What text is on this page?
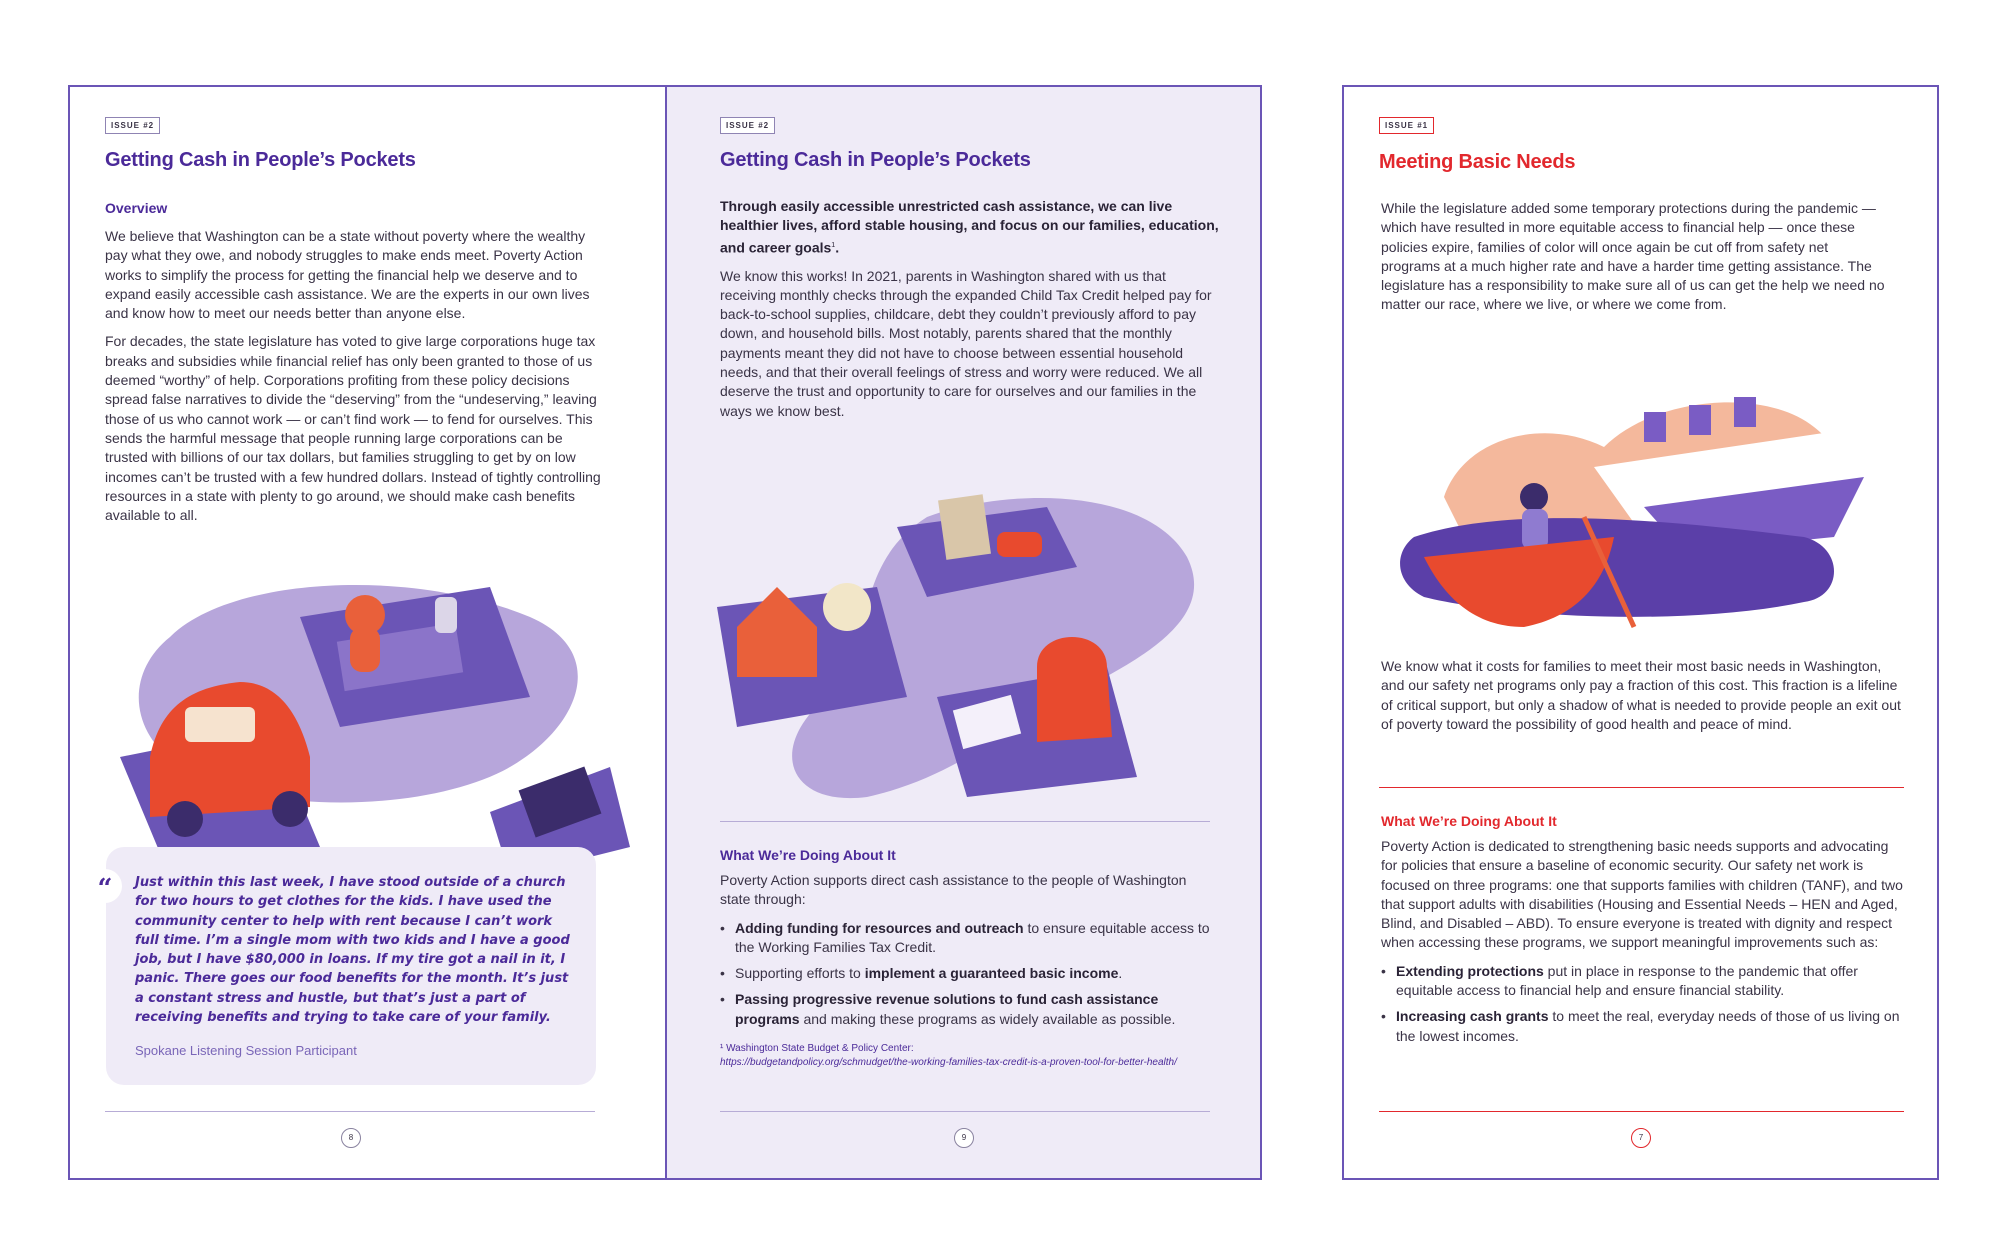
ISSUE #2
Getting Cash in People’s Pockets
Overview

We believe that Washington can be a state without poverty where the wealthy pay what they owe, and nobody struggles to make ends meet. Poverty Action works to simplify the process for getting the financial help we deserve and to expand easily accessible cash assistance. We are the experts in our own lives and know how to meet our needs better than anyone else.

For decades, the state legislature has voted to give large corporations huge tax breaks and subsidies while financial relief has only been granted to those of us deemed “worthy” of help. Corporations profiting from these policy decisions spread false narratives to divide the “deserving” from the “undeserving,” leaving those of us who cannot work — or can’t find work — to fend for ourselves. This sends the harmful message that people running large corporations can be trusted with billions of our tax dollars, but families struggling to get by on low incomes can’t be trusted with a few hundred dollars. Instead of tightly controlling resources in a state with plenty to go around, we should make cash benefits available to all.

“	Just within this last week, I have stood outside of a church for two hours to get clothes for the kids. I have used the community center to help with rent because I can’t work full time. I’m a single mom with two kids and I have a good job, but I have $80,000 in loans. If my tire got a nail in it, I panic. There goes our food benefits for the month. It’s just a constant stress and hustle, but that’s just a part of receiving benefits and trying to take care of your family.
Spokane Listening Session Participant
8
ISSUE #2
Getting Cash in People’s Pockets

Through easily accessible unrestricted cash assistance, we can live healthier lives, afford stable housing, and focus on our families, education, and career goals$^1$.

We know this works! In 2021, parents in Washington shared with us that receiving monthly checks through the expanded Child Tax Credit helped pay for back-to-school supplies, childcare, debt they couldn’t previously afford to pay down, and household bills. Most notably, parents shared that the monthly payments meant they did not have to choose between essential household needs, and that their overall feelings of stress and worry were reduced. We all deserve the trust and opportunity to care for ourselves and our families in the ways we know best.

What We’re Doing About It

Poverty Action supports direct cash assistance to the people of Washington state through:

• Adding funding for resources and outreach to ensure equitable access to the Working Families Tax Credit.
• Supporting efforts to implement a guaranteed basic income.
• Passing progressive revenue solutions to fund cash assistance programs and making these programs as widely available as possible.
¹ Washington State Budget & Policy Center:
https://budgetandpolicy.org/schmudget/the-working-families-tax-credit-is-a-proven-tool-for-better-health/
9
ISSUE #1
Meeting Basic Needs

While the legislature added some temporary protections during the pandemic — which have resulted in more equitable access to financial help — once these policies expire, families of color will once again be cut off from safety net programs at a much higher rate and have a harder time getting assistance. The legislature has a responsibility to make sure all of us can get the help we need no matter our race, where we live, or where we come from.

We know what it costs for families to meet their most basic needs in Washington, and our safety net programs only pay a fraction of this cost. This fraction is a lifeline of critical support, but only a shadow of what is needed to provide people an exit out of poverty toward the possibility of good health and peace of mind.

What We’re Doing About It

Poverty Action is dedicated to strengthening basic needs supports and advocating for policies that ensure a baseline of economic security. Our safety net work is focused on three programs: one that supports families with children (TANF), and two that support adults with disabilities (Housing and Essential Needs – HEN and Aged, Blind, and Disabled – ABD). To ensure everyone is treated with dignity and respect when accessing these programs, we support meaningful improvements such as:

• Extending protections put in place in response to the pandemic that offer equitable access to financial help and ensure financial stability.
• Increasing cash grants to meet the real, everyday needs of those of us living on the lowest incomes.
7
